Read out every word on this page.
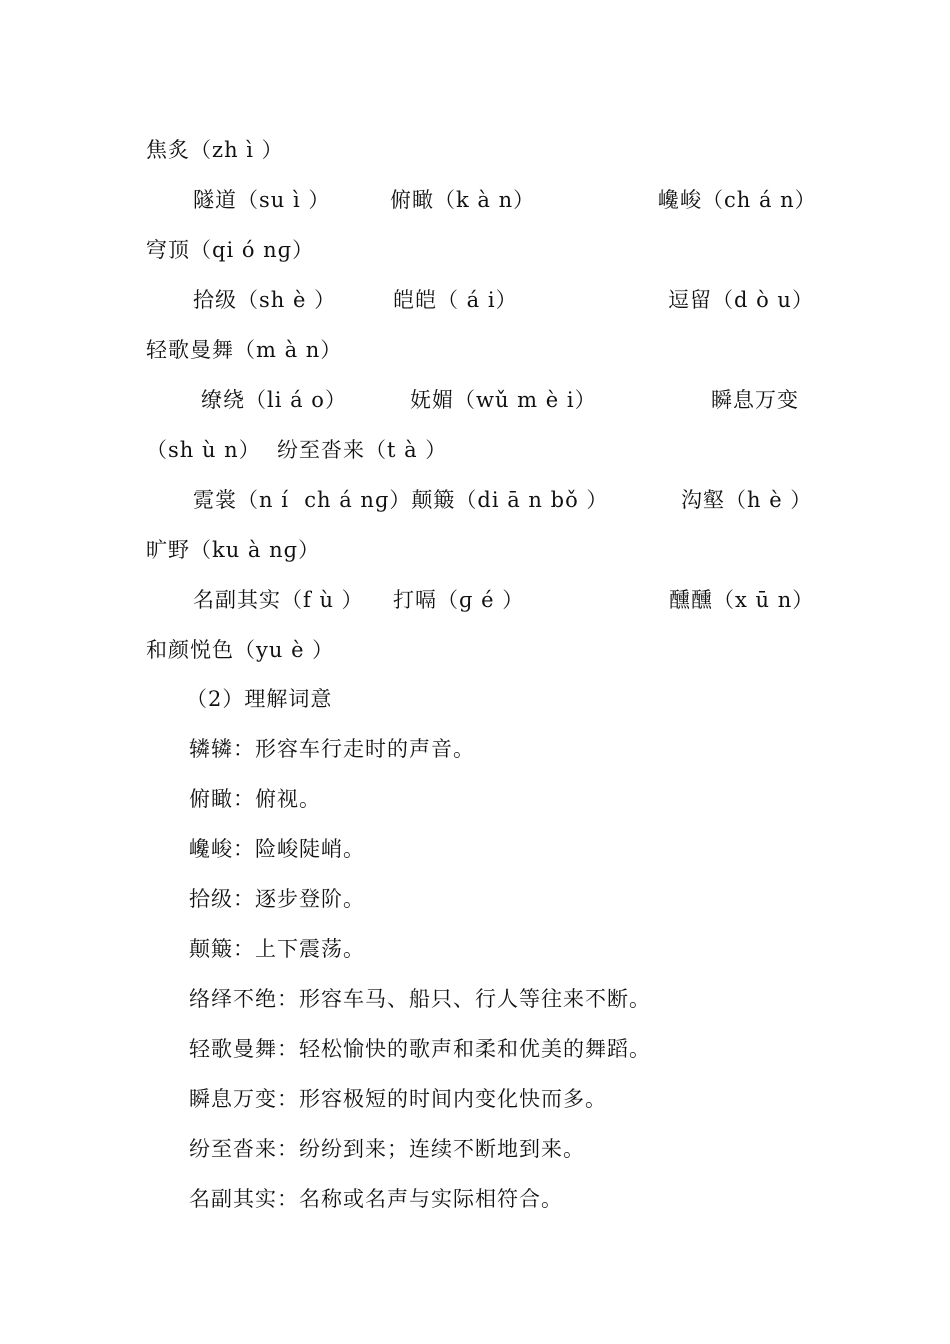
焦炙（zh ì ）
隧道（su ì ）	俯瞰（k à n）	巉峻（ch á n）
穹顶（qi ó nɡ）
拾级（sh è ）	皑皑（ á i）	逗留（d ò u）
轻歌曼舞（m à n）
缭绕（li á o）	妩媚（wǔ m è i）	瞬息万变
（sh ù n） 纷至沓来（t à ）
霓裳（n í  ch á nɡ）颠簸（di ā n bǒ ）	沟壑（h è ）
旷野（ku à nɡ）
名副其实（f ù ） 打嗝（ɡ é ）	醺醺（x ū n）
和颜悦色（yu è ）
（2）理解词意
辚辚：形容车行走时的声音。
俯瞰：俯视。
巉峻：险峻陡峭。
拾级：逐步登阶。
颠簸：上下震荡。
络绎不绝：形容车马、船只、行人等往来不断。
轻歌曼舞：轻松愉快的歌声和柔和优美的舞蹈。
瞬息万变：形容极短的时间内变化快而多。
纷至沓来：纷纷到来；连续不断地到来。
名副其实：名称或名声与实际相符合。
